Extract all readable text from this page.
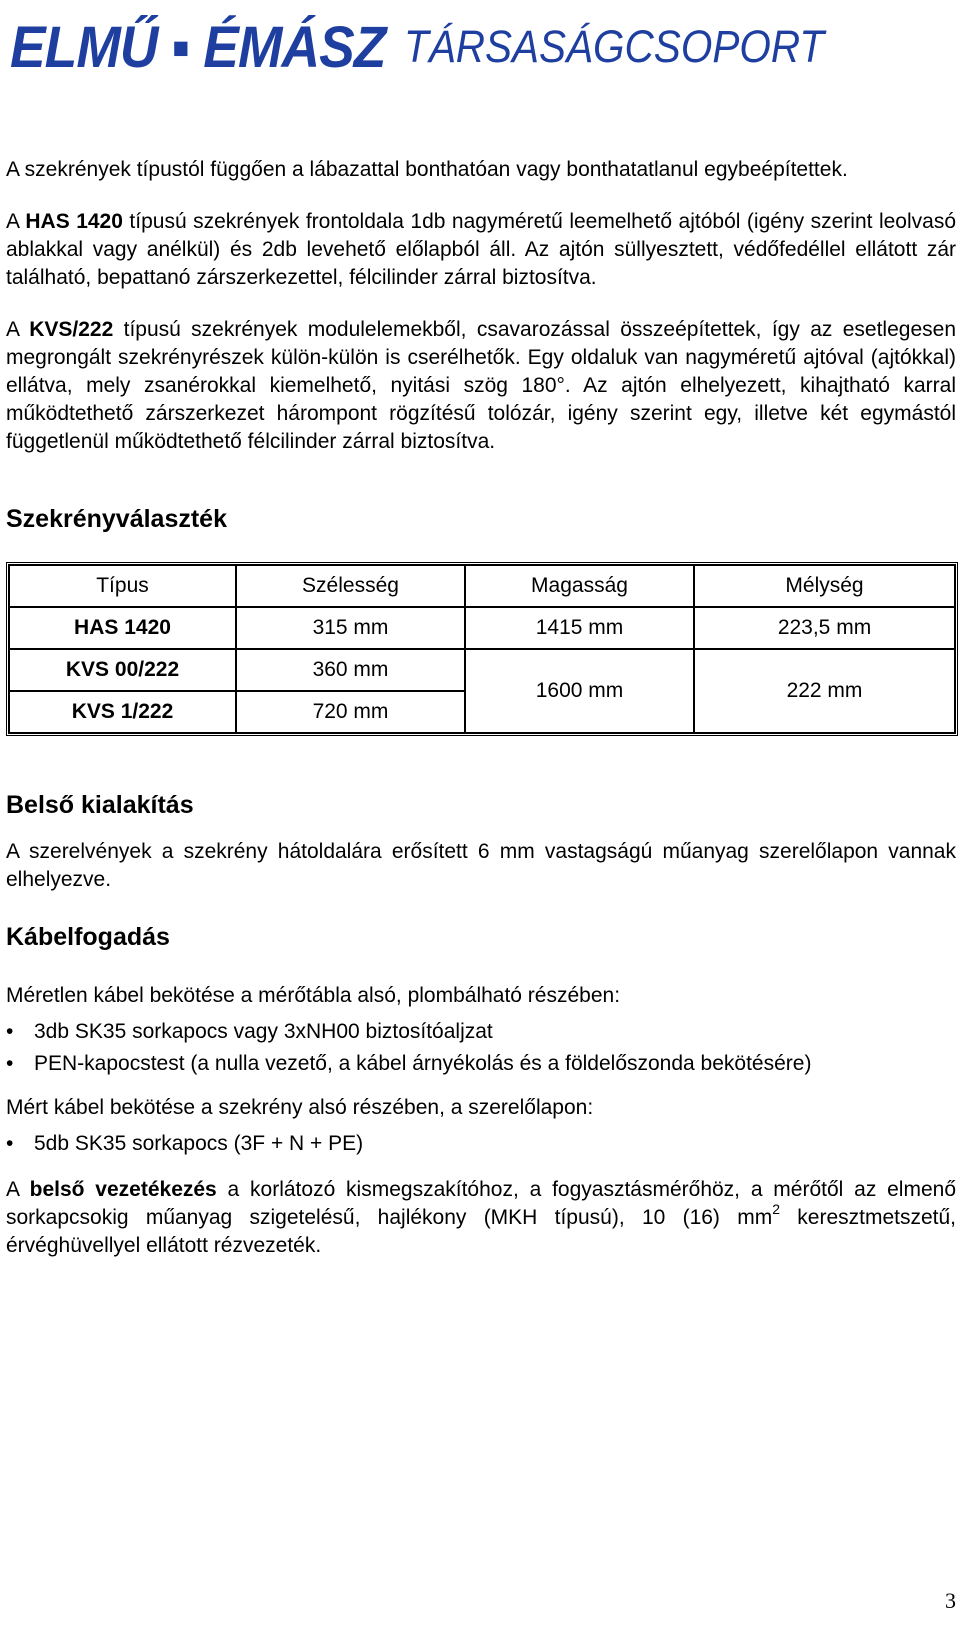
ELMŰ ▪ ÉMÁSZ TÁRSASÁGCSOPORT

A szekrények típustól függően a lábazattal bonthatóan vagy bonthatatlanul egybeépítettek.

A HAS 1420 típusú szekrények frontoldala 1db nagyméretű leemelhető ajtóból (igény szerint leolvasó ablakkal vagy anélkül) és 2db levehető előlapból áll. Az ajtón süllyesztett, védőfedéllel ellátott zár található, bepattanó zárszerkezettel, félcilinder zárral biztosítva.

A KVS/222 típusú szekrények modulelemekből, csavarozással összeépítettek, így az esetlegesen megrongált szekrényrészek külön-külön is cserélhetők. Egy oldaluk van nagyméretű ajtóval (ajtókkal) ellátva, mely zsanérokkal kiemelhető, nyitási szög 180°. Az ajtón elhelyezett, kihajtható karral működtethető zárszerkezet hárompont rögzítésű tolózár, igény szerint egy, illetve két egymástól függetlenül működtethető félcilinder zárral biztosítva.

Szekrényválaszték
Típus	Szélesség	Magasság	Mélység
HAS 1420	315 mm	1415 mm	223,5 mm
KVS 00/222	360 mm	1600 mm	222 mm
KVS 1/222	720 mm		
Belső kialakítás

A szerelvények a szekrény hátoldalára erősített 6 mm vastagságú műanyag szerelőlapon vannak elhelyezve.

Kábelfogadás

Méretlen kábel bekötése a mérőtábla alsó, plombálható részében:

• 3db SK35 sorkapocs vagy 3xNH00 biztosítóaljzat
• PEN-kapocstest (a nulla vezető, a kábel árnyékolás és a földelőszonda bekötésére)

Mért kábel bekötése a szekrény alsó részében, a szerelőlapon:

• 5db SK35 sorkapocs (3F + N + PE)

A belső vezetékezés a korlátozó kismegszakítóhoz, a fogyasztásmérőhöz, a mérőtől az elmenő sorkapcsokig műanyag szigetelésű, hajlékony (MKH típusú), 10 (16) $mm^2$ keresztmetszetű, érvéghüvellyel ellátott rézvezeték.

3
